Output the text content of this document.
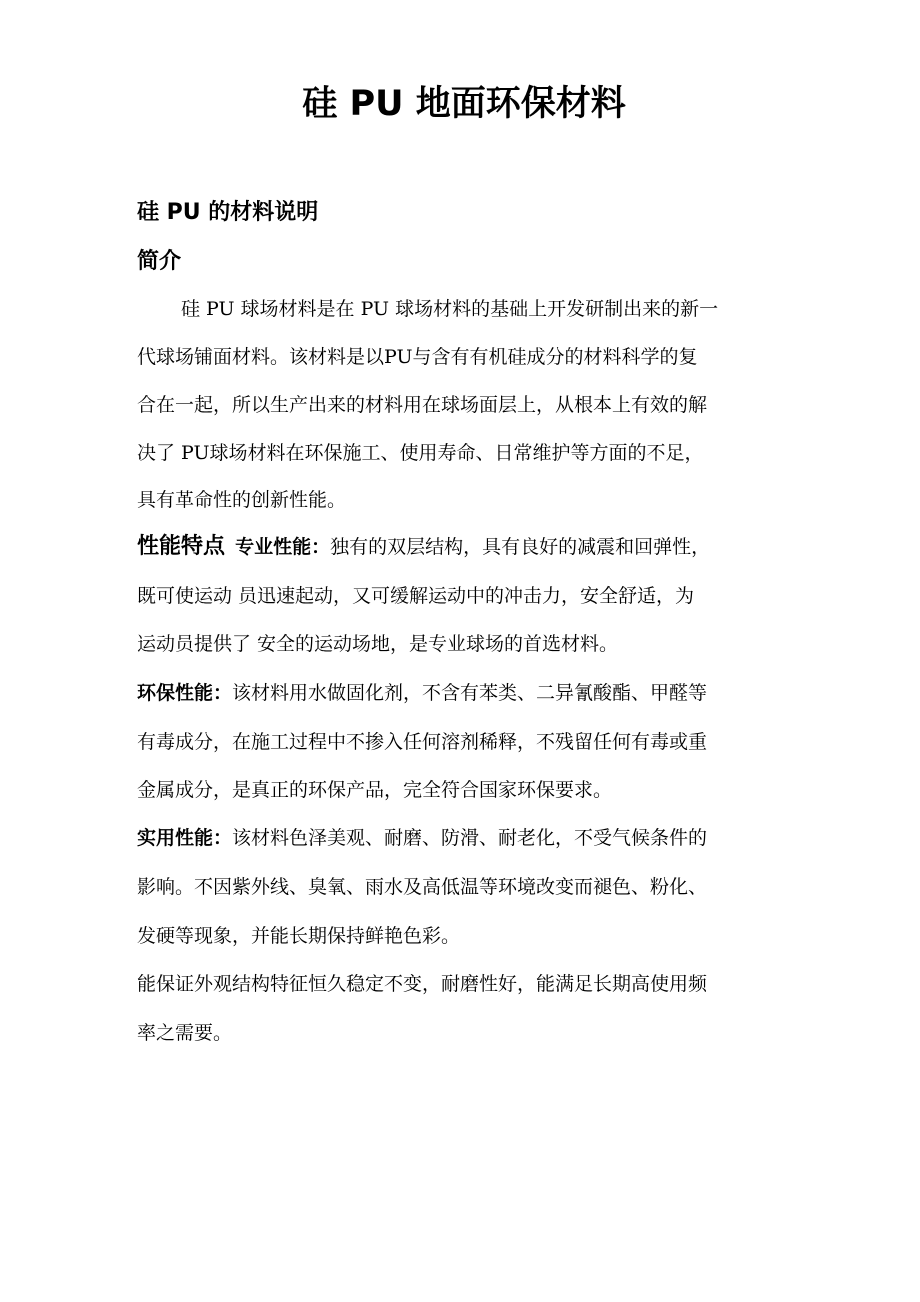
硅 PU 地面环保材料
硅 PU 的材料说明
简介
硅 PU 球场材料是在 PU 球场材料的基础上开发研制出来的新一
代球场铺面材料。该材料是以PU与含有有机硅成分的材料科学的复
合在一起，所以生产出来的材料用在球场面层上，从根本上有效的解
决了 PU球场材料在环保施工、使用寿命、日常维护等方面的不足，
具有革命性的创新性能。
性能特点 专业性能：独有的双层结构，具有良好的减震和回弹性，
既可使运动 员迅速起动，又可缓解运动中的冲击力，安全舒适，为
运动员提供了 安全的运动场地，是专业球场的首选材料。
环保性能：该材料用水做固化剂，不含有苯类、二异氰酸酯、甲醛等
有毒成分，在施工过程中不掺入任何溶剂稀释，不残留任何有毒或重
金属成分，是真正的环保产品，完全符合国家环保要求。
实用性能：该材料色泽美观、耐磨、防滑、耐老化，不受气候条件的
影响。不因紫外线、臭氧、雨水及高低温等环境改变而褪色、粉化、
发硬等现象，并能长期保持鲜艳色彩。
能保证外观结构特征恒久稳定不变，耐磨性好，能满足长期高使用频
率之需要。
